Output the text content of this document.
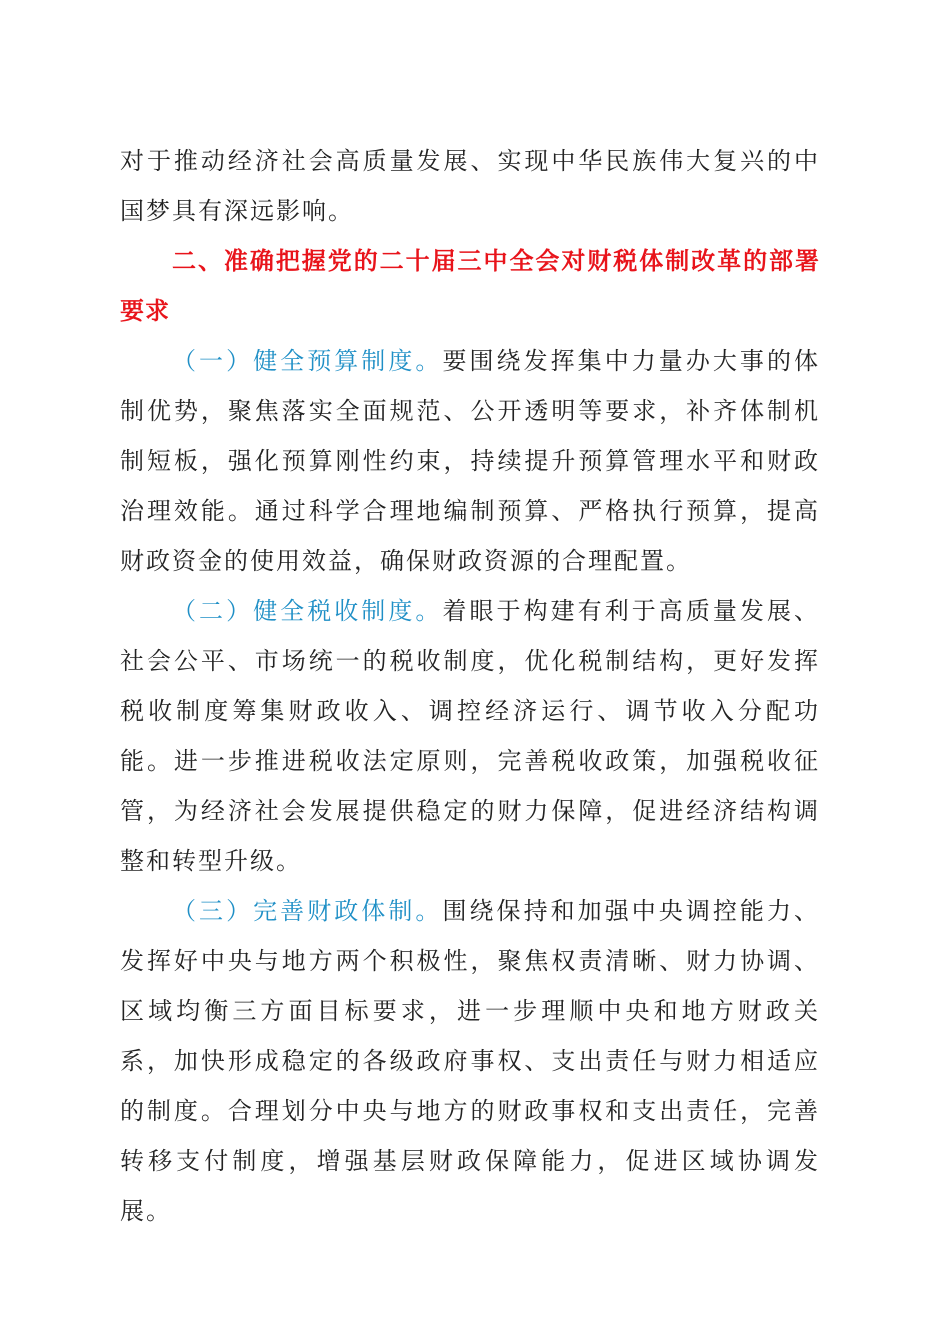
对于推动经济社会高质量发展、实现中华民族伟大复兴的中国梦具有深远影响。

二、准确把握党的二十届三中全会对财税体制改革的部署要求

（一）健全预算制度。要围绕发挥集中力量办大事的体制优势，聚焦落实全面规范、公开透明等要求，补齐体制机制短板，强化预算刚性约束，持续提升预算管理水平和财政治理效能。通过科学合理地编制预算、严格执行预算，提高财政资金的使用效益，确保财政资源的合理配置。

（二）健全税收制度。着眼于构建有利于高质量发展、社会公平、市场统一的税收制度，优化税制结构，更好发挥税收制度筹集财政收入、调控经济运行、调节收入分配功能。进一步推进税收法定原则，完善税收政策，加强税收征管，为经济社会发展提供稳定的财力保障，促进经济结构调整和转型升级。

（三）完善财政体制。围绕保持和加强中央调控能力、发挥好中央与地方两个积极性，聚焦权责清晰、财力协调、区域均衡三方面目标要求，进一步理顺中央和地方财政关系，加快形成稳定的各级政府事权、支出责任与财力相适应的制度。合理划分中央与地方的财政事权和支出责任，完善转移支付制度，增强基层财政保障能力，促进区域协调发展。
